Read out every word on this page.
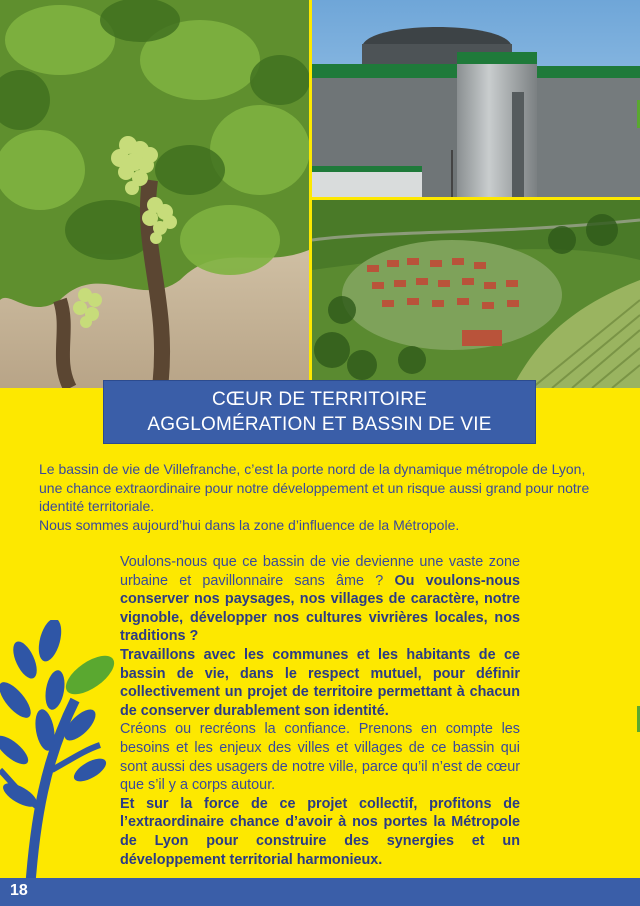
CŒUR DE TERRITOIRE
AGGLOMÉRATION ET BASSIN DE VIE

Le bassin de vie de Villefranche, c’est la porte nord de la dynamique métropole de Lyon, une chance extraordinaire pour notre développement et un risque aussi grand pour notre identité territoriale.

Nous sommes aujourd’hui dans la zone d’influence de la Métropole.

Voulons-nous que ce bassin de vie devienne une vaste zone urbaine et pavillonnaire sans âme ? Ou voulons-nous conserver nos paysages, nos villages de caractère, notre vignoble, développer nos cultures vivrières locales, nos traditions ?

Travaillons avec les communes et les habitants de ce bassin de vie, dans le respect mutuel, pour définir collectivement un projet de territoire permettant à chacun de conserver durablement son identité.

Créons ou recréons la confiance. Prenons en compte les besoins et les enjeux des villes et villages de ce bassin qui sont aussi des usagers de notre ville, parce qu’il n’est de cœur que s’il y a corps autour.

Et sur la force de ce projet collectif, profitons de l’extraordinaire chance d’avoir à nos portes la Métropole de Lyon pour construire des synergies et un développement territorial harmonieux.

18
